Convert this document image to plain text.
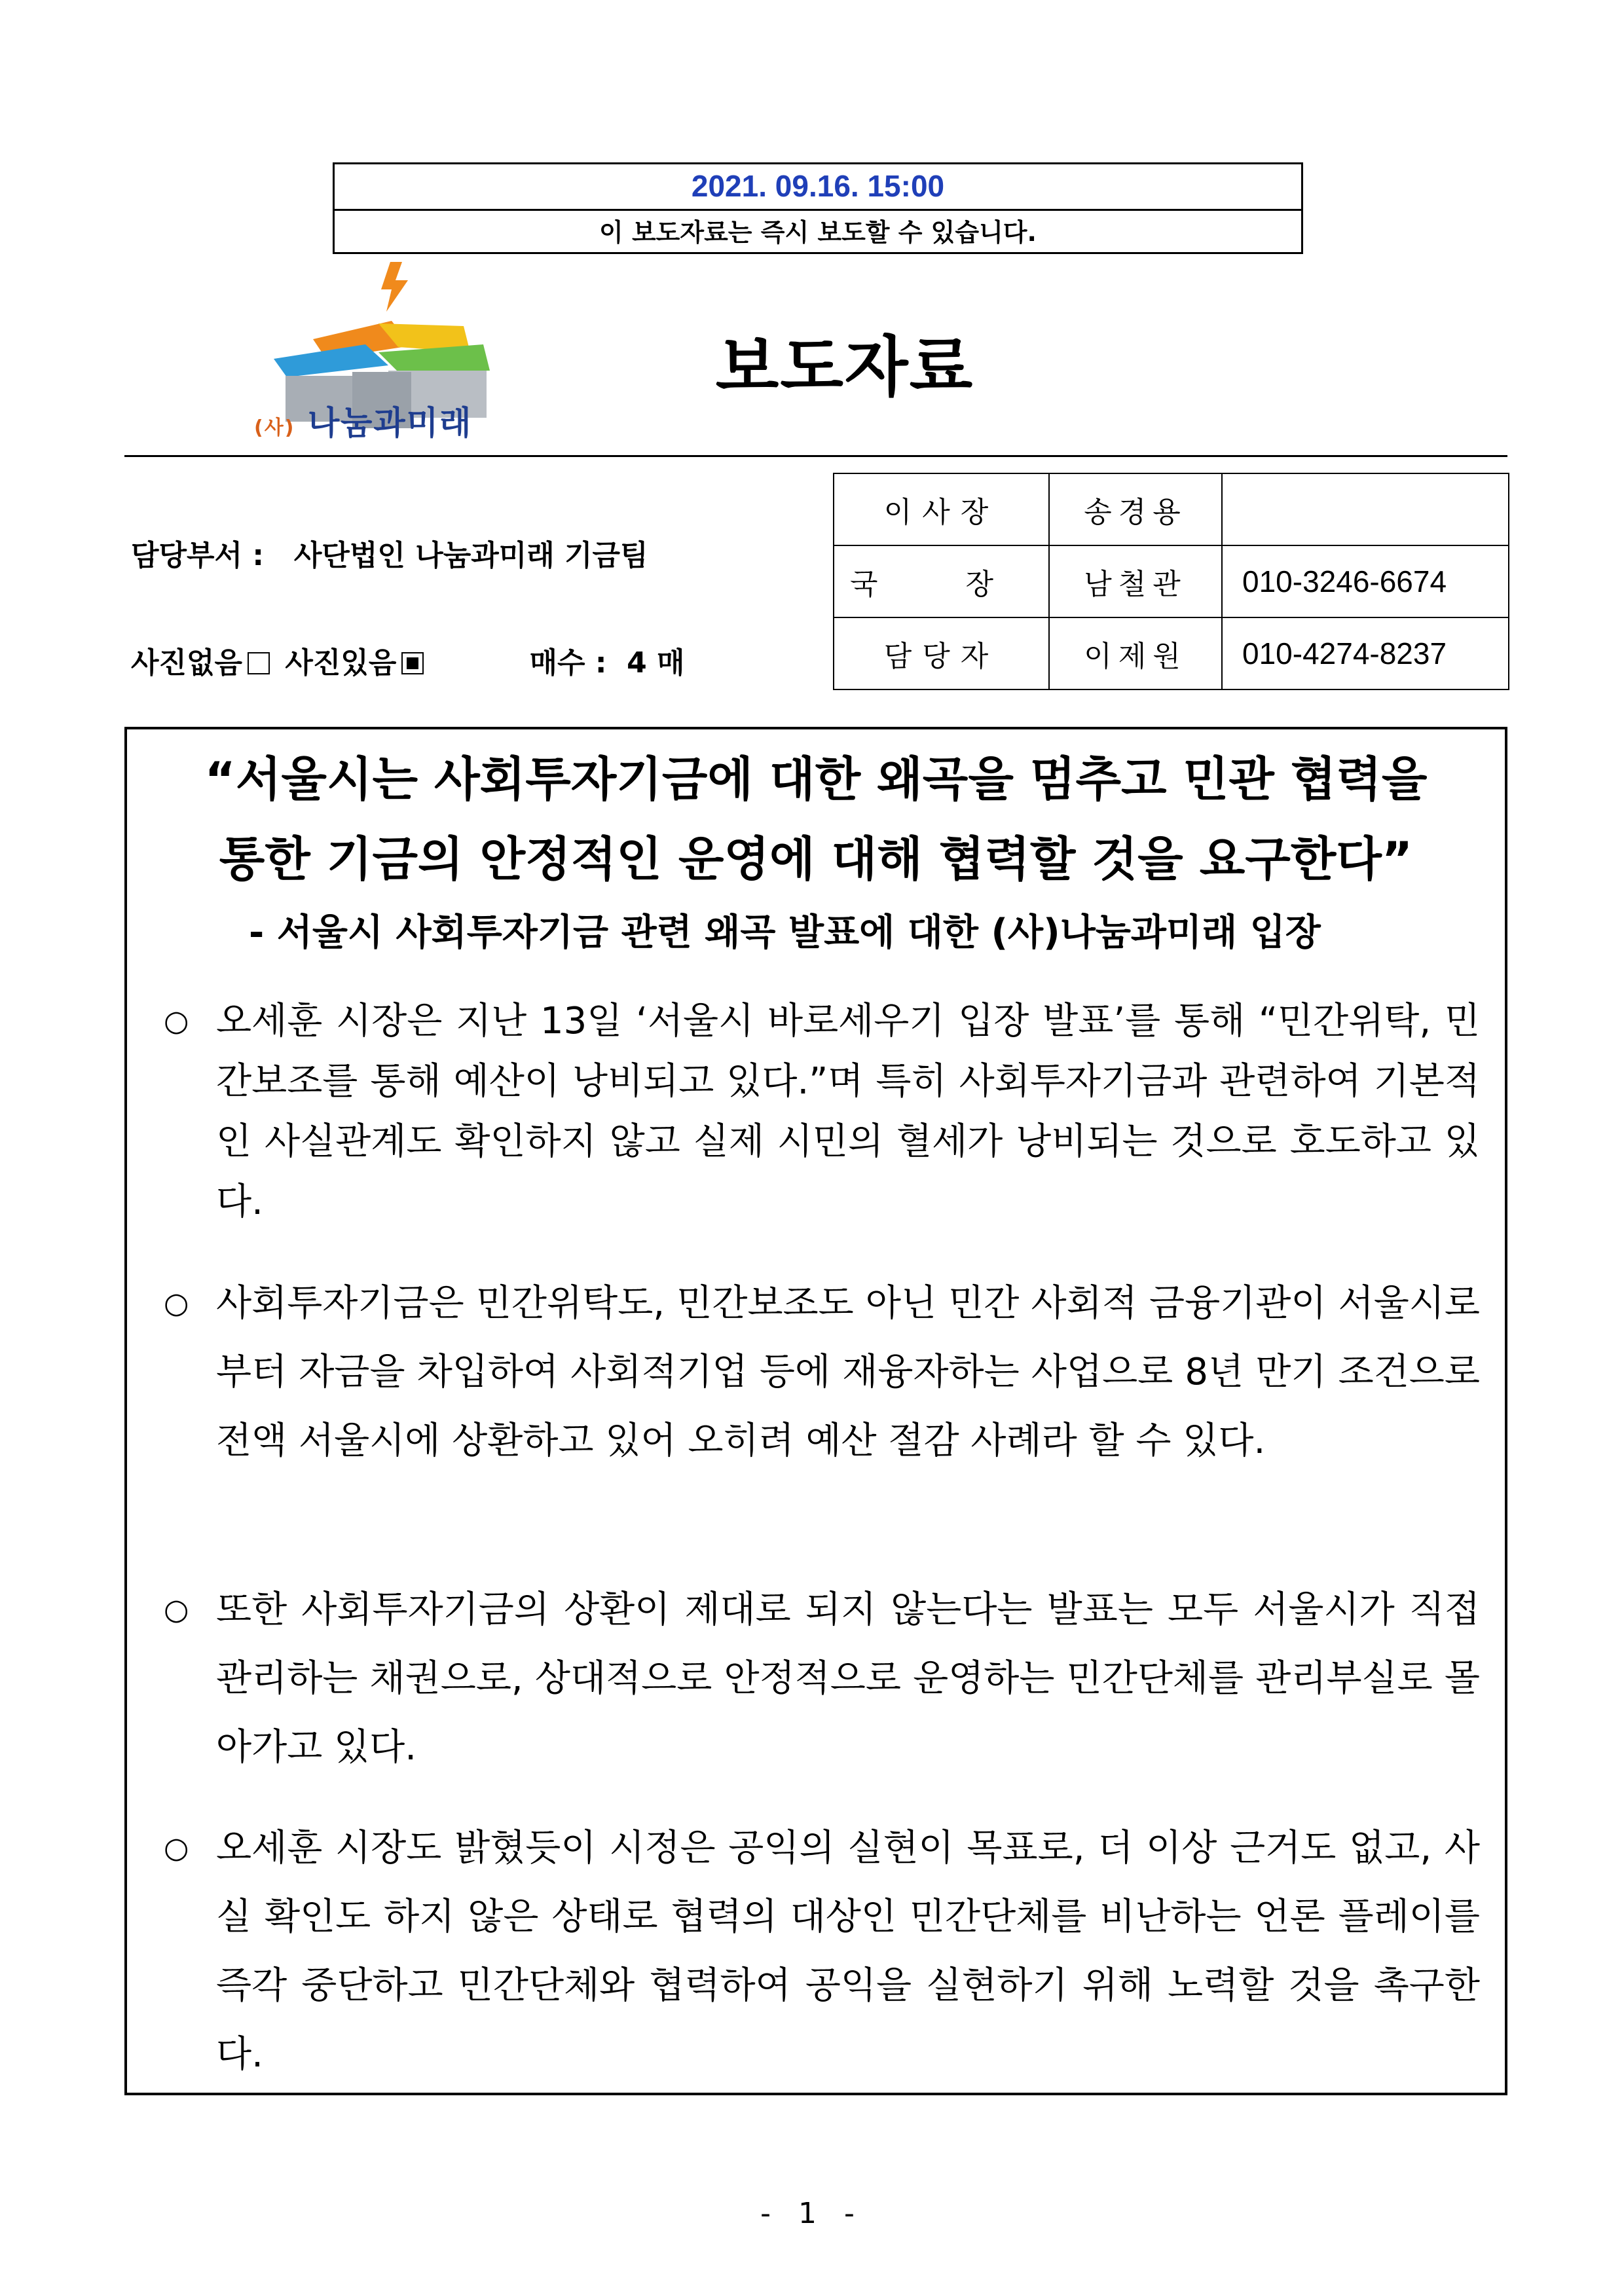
2021. 09.16. 15:00
이 보도자료는 즉시 보도할 수 있습니다.
(사) 나눔과미래
보도자료
담당부서 :   사단법인 나눔과미래 기금팀
사진없음 사진있음	매수 :  4 매
이사장	송경용	
국 장	남철관	010-3246-6674
담당자	이제원	010-4274-8237
“서울시는 사회투자기금에 대한 왜곡을 멈추고 민관 협력을
통한 기금의 안정적인 운영에 대해 협력할 것을 요구한다”
- 서울시 사회투자기금 관련 왜곡 발표에 대한 (사)나눔과미래 입장
○ 오세훈 시장은 지난 13일 ‘서울시 바로세우기 입장 발표’를 통해 “민간위탁, 민간보조를 통해 예산이 낭비되고 있다.”며 특히 사회투자기금과 관련하여 기본적인 사실관계도 확인하지 않고 실제 시민의 혈세가 낭비되는 것으로 호도하고 있다.
○ 사회투자기금은 민간위탁도, 민간보조도 아닌 민간 사회적 금융기관이 서울시로부터 자금을 차입하여 사회적기업 등에 재융자하는 사업으로 8년 만기 조건으로 전액 서울시에 상환하고 있어 오히려 예산 절감 사례라 할 수 있다.
○ 또한 사회투자기금의 상환이 제대로 되지 않는다는 발표는 모두 서울시가 직접 관리하는 채권으로, 상대적으로 안정적으로 운영하는 민간단체를 관리부실로 몰아가고 있다.
○ 오세훈 시장도 밝혔듯이 시정은 공익의 실현이 목표로, 더 이상 근거도 없고, 사실 확인도 하지 않은 상태로 협력의 대상인 민간단체를 비난하는 언론 플레이를 즉각 중단하고 민간단체와 협력하여 공익을 실현하기 위해 노력할 것을 촉구한다.
- 1 -
